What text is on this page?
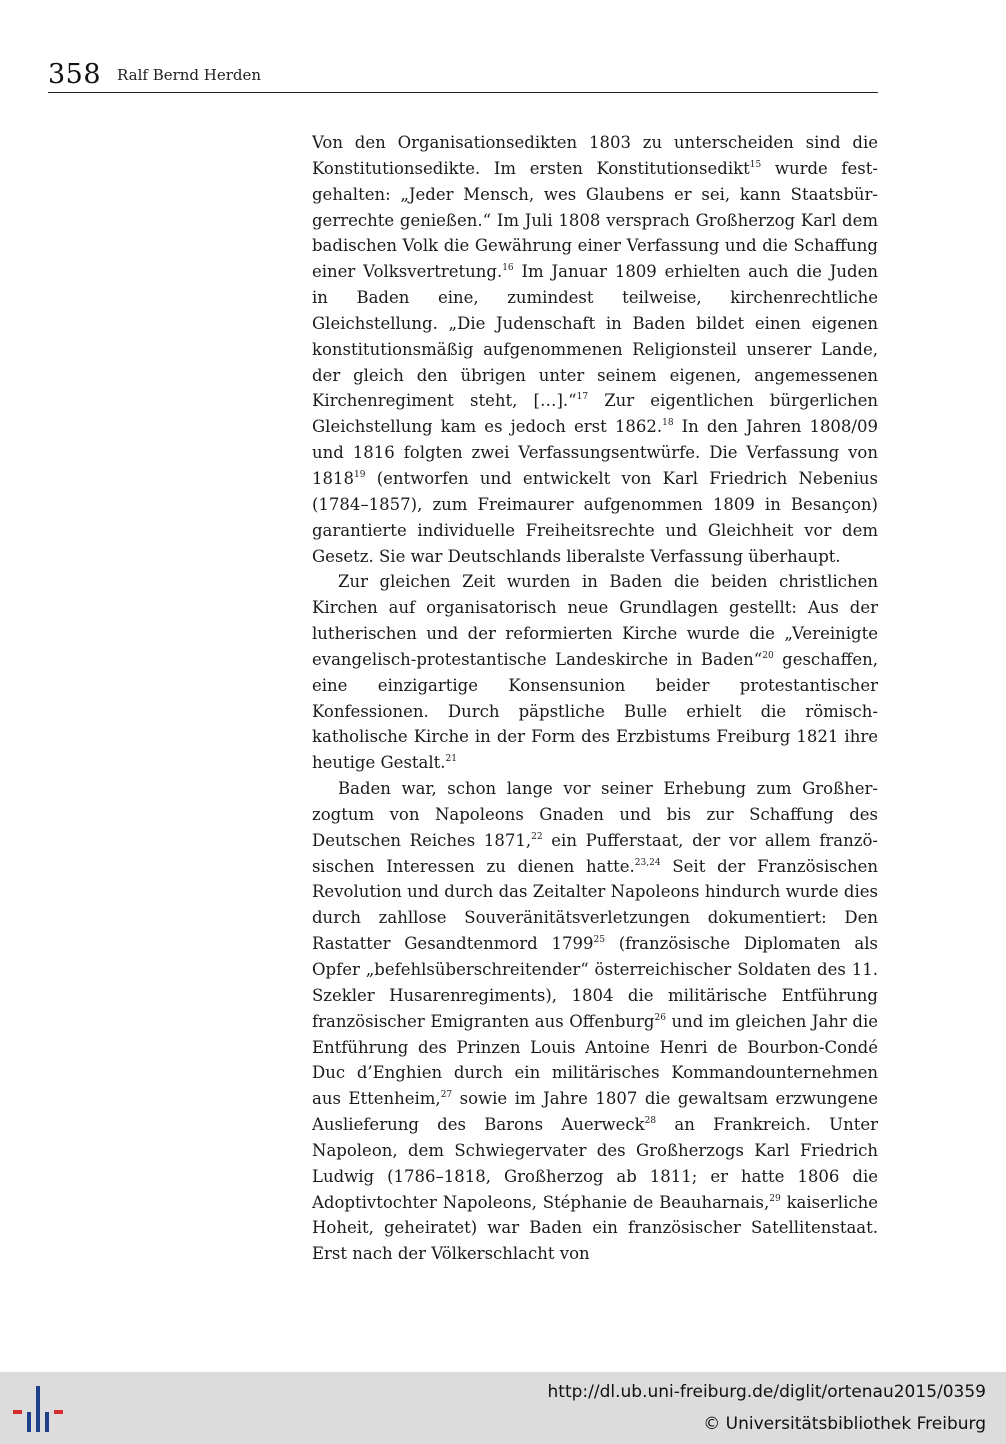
358 Ralf Bernd Herden

Von den Organisationsedikten 1803 zu unterscheiden sind die Konstitutionsedikte. Im ersten Konstitutionsedikt$^{15}$ wurde festgehalten: „Jeder Mensch, wes Glaubens er sei, kann Staatsbürgerrechte genießen.“ Im Juli 1808 versprach Großherzog Karl dem badischen Volk die Gewährung einer Verfassung und die Schaffung einer Volksvertretung.$^{16}$ Im Januar 1809 erhielten auch die Juden in Baden eine, zumindest teilweise, kirchenrechtliche Gleichstellung. „Die Judenschaft in Baden bildet einen eigenen konstitutionsmäßig aufgenommenen Religionsteil unserer Lande, der gleich den übrigen unter seinem eigenen, angemessenen Kirchenregiment steht, […].“$^{17}$ Zur eigentlichen bürgerlichen Gleichstellung kam es jedoch erst 1862.18 In den Jahren 1808/09 und 1816 folgten zwei Verfassungsentwürfe. Die Verfassung von 1818$^{19}$ (entworfen und entwickelt von Karl Friedrich Nebenius (1784–1857), zum Freimaurer aufgenommen 1809 in Besançon) garantierte individuelle Freiheitsrechte und Gleichheit vor dem Gesetz. Sie war Deutschlands liberalste Verfassung überhaupt.

Zur gleichen Zeit wurden in Baden die beiden christlichen Kirchen auf organisatorisch neue Grundlagen gestellt: Aus der lutherischen und der reformierten Kirche wurde die „Vereinigte evangelisch-protestantische Landeskirche in Baden“$^{20}$ geschaffen, eine einzigartige Konsensunion beider protestantischer Konfessionen. Durch päpstliche Bulle erhielt die römisch-katholische Kirche in der Form des Erzbistums Freiburg 1821 ihre heutige Gestalt.$^{21}$

Baden war, schon lange vor seiner Erhebung zum Großherzogtum von Napoleons Gnaden und bis zur Schaffung des Deutschen Reiches 1871,22 ein Pufferstaat, der vor allem französischen Interessen zu dienen hatte.$^{23,24}$ Seit der Französischen Revolution und durch das Zeitalter Napoleons hindurch wurde dies durch zahllose Souveränitätsverletzungen dokumentiert: Den Rastatter Gesandtenmord 1799$^{25}$ (französische Diplomaten als Opfer „befehlsüberschreitender“ österreichischer Soldaten des 11. Szekler Husarenregiments), 1804 die militärische Entführung französischer Emigranten aus Offenburg$^{26}$ und im gleichen Jahr die Entführung des Prinzen Louis Antoine Henri de Bourbon-Condé Duc d’Enghien durch ein militärisches Kommandounternehmen aus Ettenheim,$^{27}$ sowie im Jahre 1807 die gewaltsam erzwungene Auslieferung des Barons Auerweck$^{28}$ an Frankreich. Unter Napoleon, dem Schwiegervater des Großherzogs Karl Friedrich Ludwig (1786–1818, Großherzog ab 1811; er hatte 1806 die Adoptivtochter Napoleons, Stéphanie de Beauharnais,$^{29}$ kaiserliche Hoheit, geheiratet) war Baden ein französischer Satellitenstaat. Erst nach der Völkerschlacht von

http://dl.ub.uni-freiburg.de/diglit/ortenau2015/0359
© Universitätsbibliothek Freiburg
